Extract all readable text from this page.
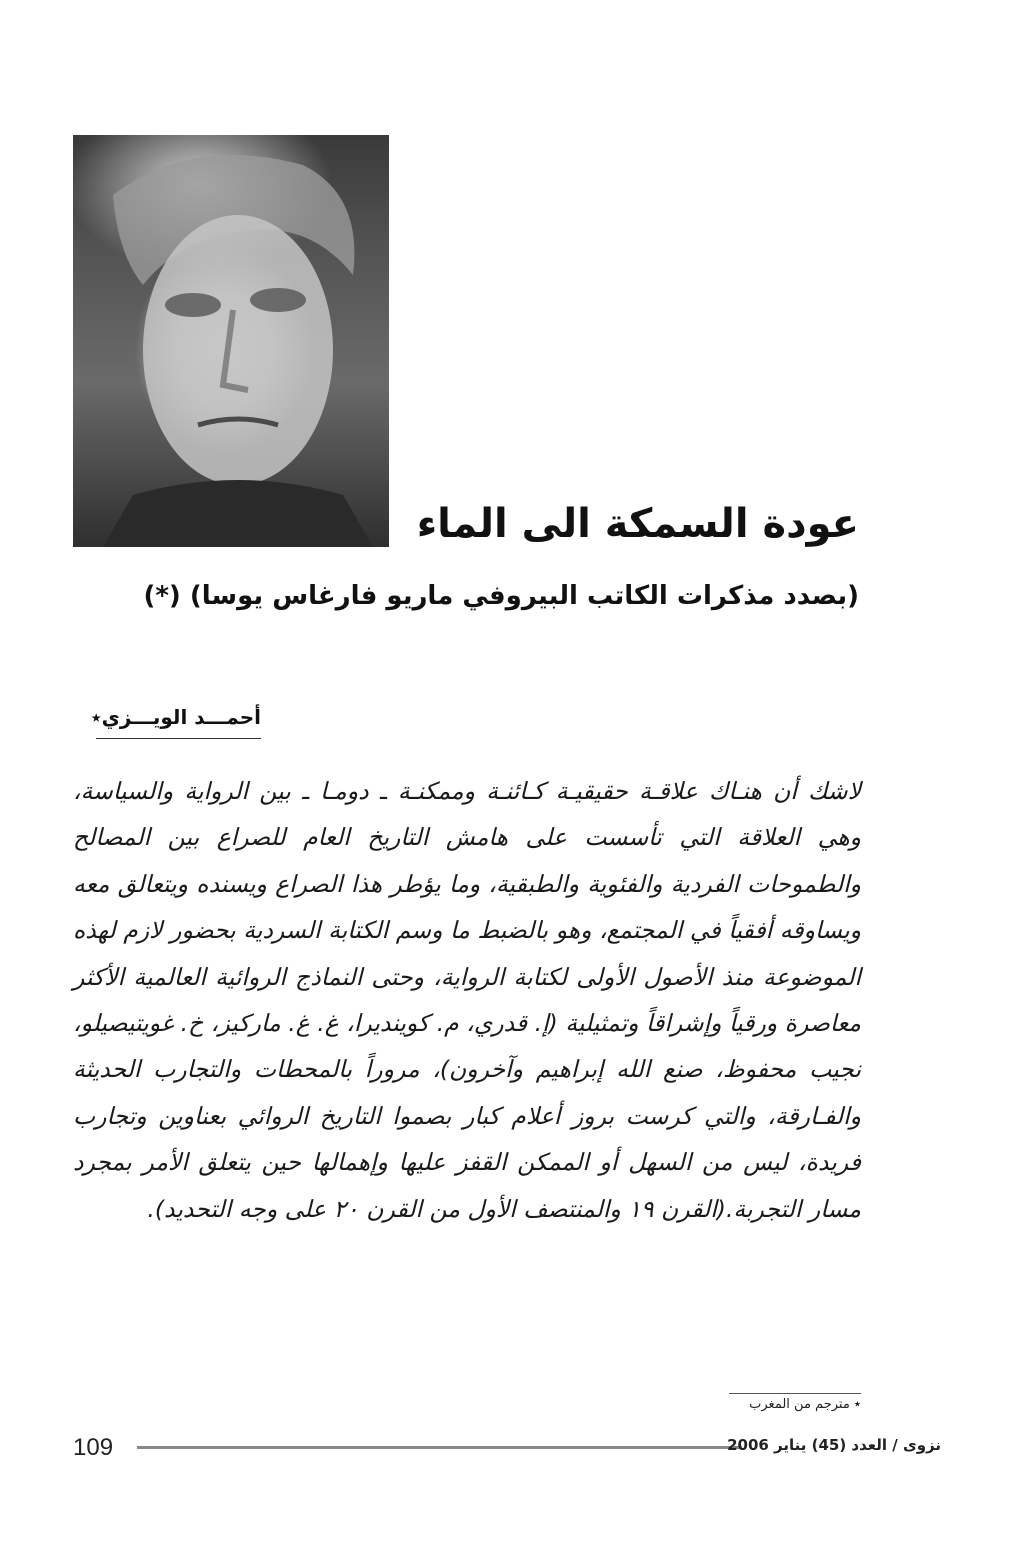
عودة السمكة الى الماء
(بصدد مذكرات الكاتب البيروفي ماريو فارغاس يوسا) (*)
أحمـــد الويـــزي٭

لاشك أن هنـاك علاقـة حقيقيـة كـائنـة وممكنـة ـ دومـا ـ بين الرواية والسياسة، وهي العلاقة التي تأسست على هامش التاريخ العام للصراع بين المصالح والطموحات الفردية والفئوية والطبقية، وما يؤطر هذا الصراع ويسنده ويتعالق معه ويساوقه أفقياً في المجتمع، وهو بالضبط ما وسم الكتابة السردية بحضور لازم لهذه الموضوعة منذ الأصول الأولى لكتابة الرواية، وحتى النماذج الروائية العالمية الأكثر معاصرة ورقياً وإشراقاً وتمثيلية (إ. قدري، م. كوينديرا، غ. غ. ماركيز، خ. غويتيصيلو، نجيب محفوظ، صنع الله إبراهيم وآخرون)، مروراً بالمحطات والتجارب الحديثة والفـارقة، والتي كرست بروز أعلام كبار بصموا التاريخ الروائي بعناوين وتجارب فريدة، ليس من السهل أو الممكن القفز عليها وإهمالها حين يتعلق الأمر بمجرد مسار التجربة.(القرن ١٩ والمنتصف الأول من القرن ٢٠ على وجه التحديد).

٭ مترجم من المغرب
109	نزوى / العدد (45) يناير 2006
